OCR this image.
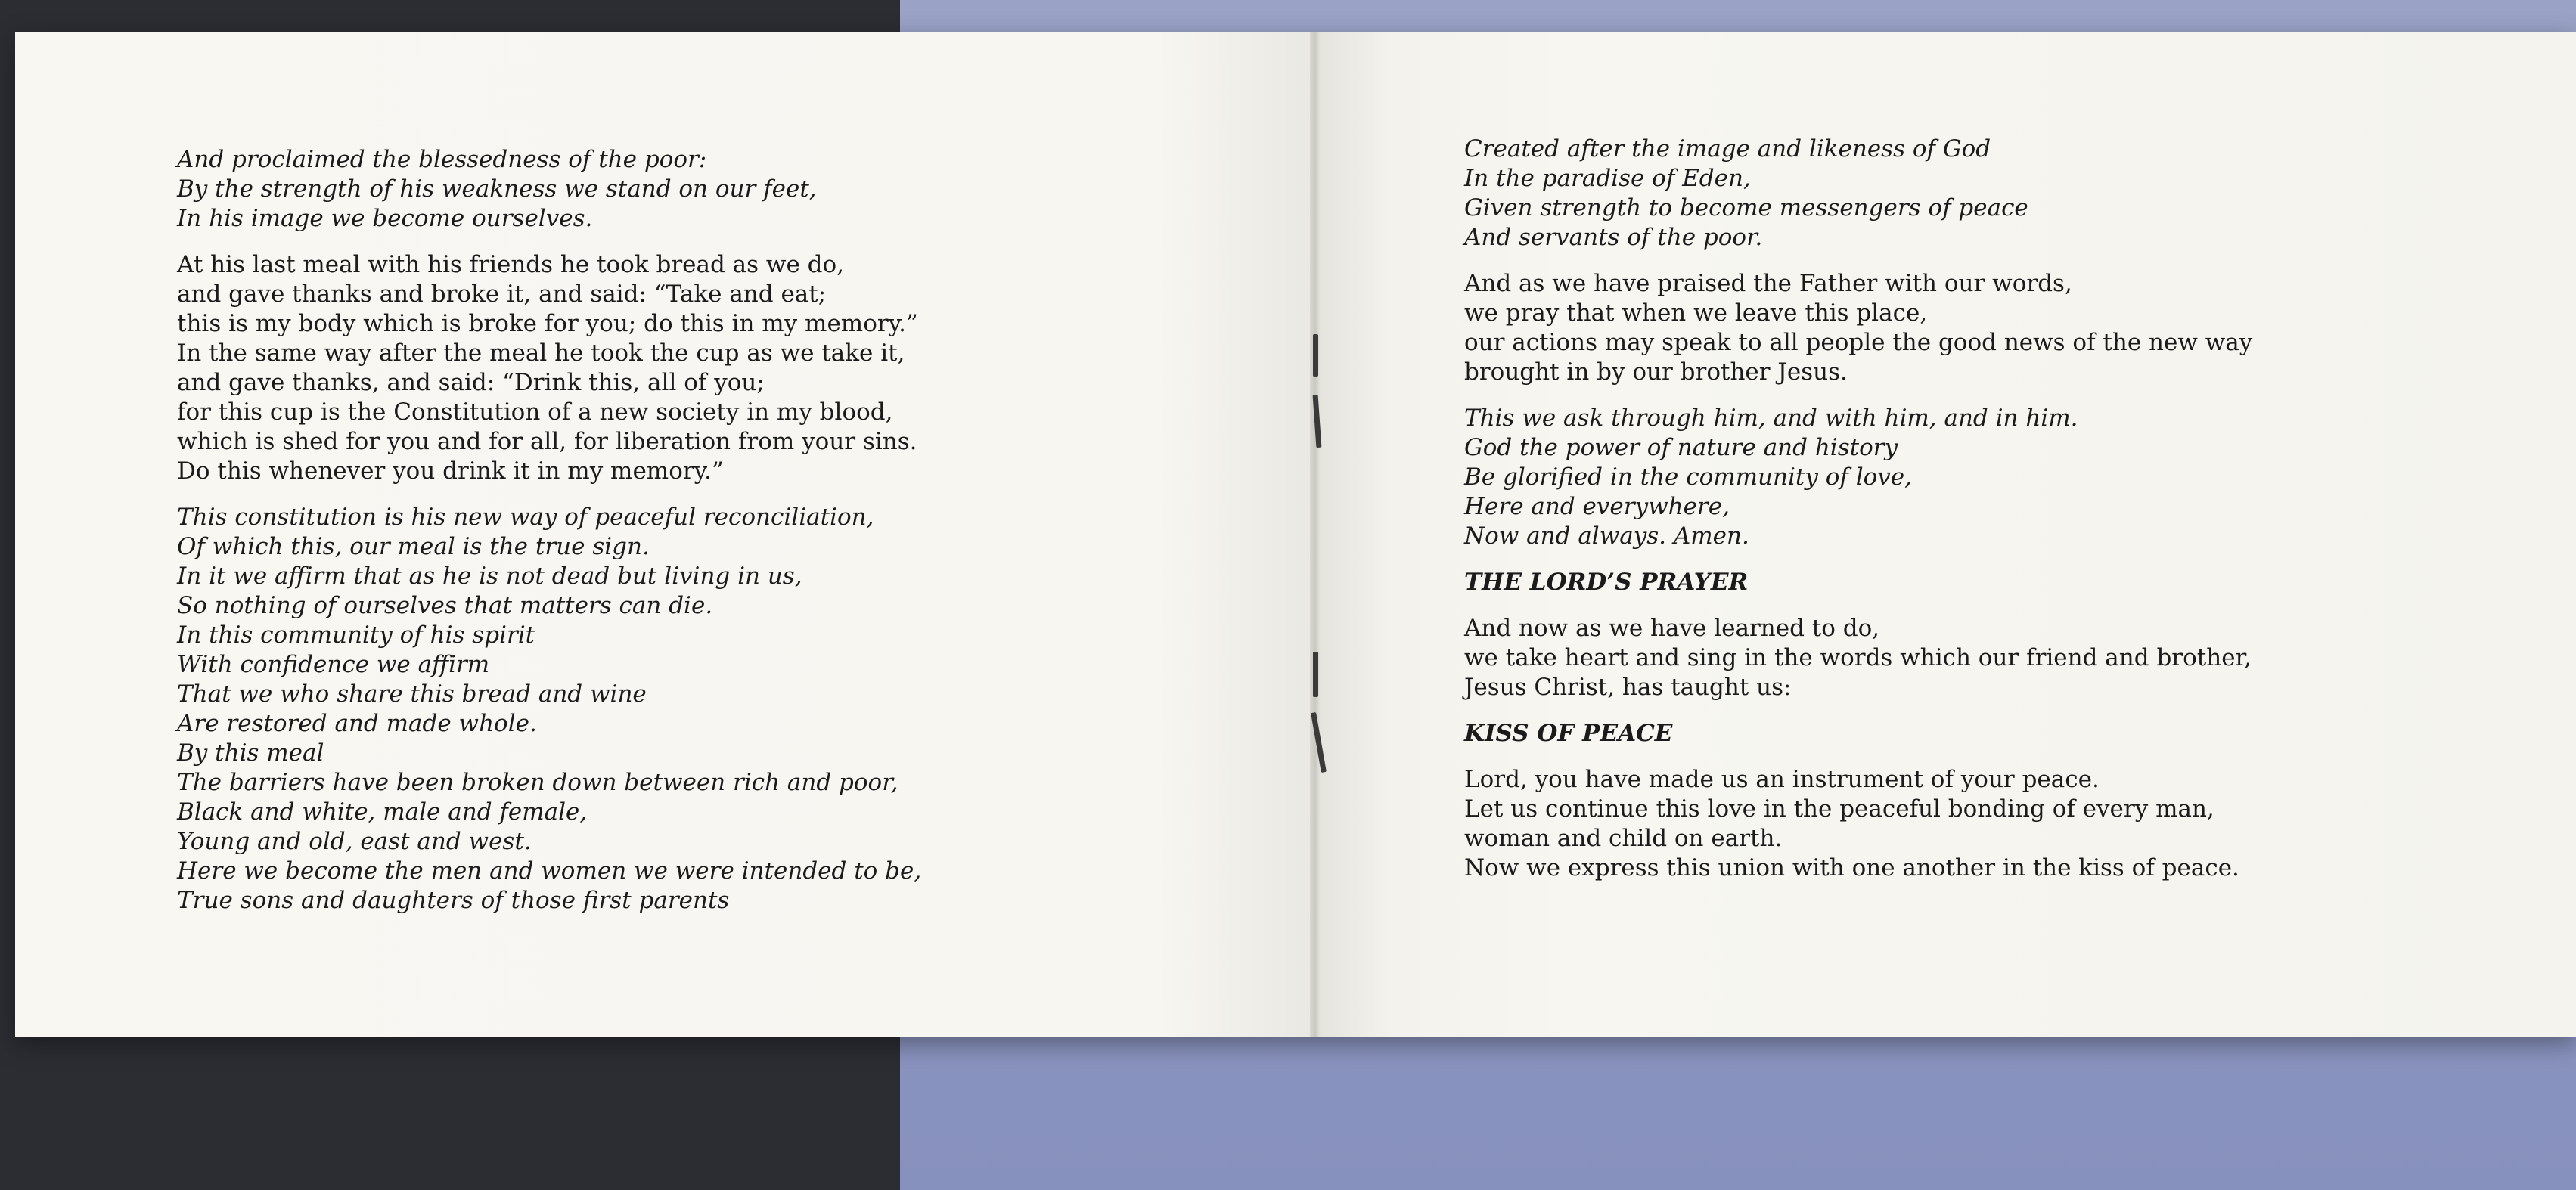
And proclaimed the blessedness of the poor:
By the strength of his weakness we stand on our feet,
In his image we become ourselves.
At his last meal with his friends he took bread as we do,
and gave thanks and broke it, and said: “Take and eat;
this is my body which is broke for you; do this in my memory.”
In the same way after the meal he took the cup as we take it,
and gave thanks, and said: “Drink this, all of you;
for this cup is the Constitution of a new society in my blood,
which is shed for you and for all, for liberation from your sins.
Do this whenever you drink it in my memory.”
This constitution is his new way of peaceful reconciliation,
Of which this, our meal is the true sign.
In it we affirm that as he is not dead but living in us,
So nothing of ourselves that matters can die.
In this community of his spirit
With confidence we affirm
That we who share this bread and wine
Are restored and made whole.
By this meal
The barriers have been broken down between rich and poor,
Black and white, male and female,
Young and old, east and west.
Here we become the men and women we were intended to be,
True sons and daughters of those first parents
Created after the image and likeness of God
In the paradise of Eden,
Given strength to become messengers of peace
And servants of the poor.
And as we have praised the Father with our words,
we pray that when we leave this place,
our actions may speak to all people the good news of the new way
brought in by our brother Jesus.
This we ask through him, and with him, and in him.
God the power of nature and history
Be glorified in the community of love,
Here and everywhere,
Now and always. Amen.
THE LORD’S PRAYER
And now as we have learned to do,
we take heart and sing in the words which our friend and brother,
Jesus Christ, has taught us:
KISS OF PEACE
Lord, you have made us an instrument of your peace.
Let us continue this love in the peaceful bonding of every man,
woman and child on earth.
Now we express this union with one another in the kiss of peace.
